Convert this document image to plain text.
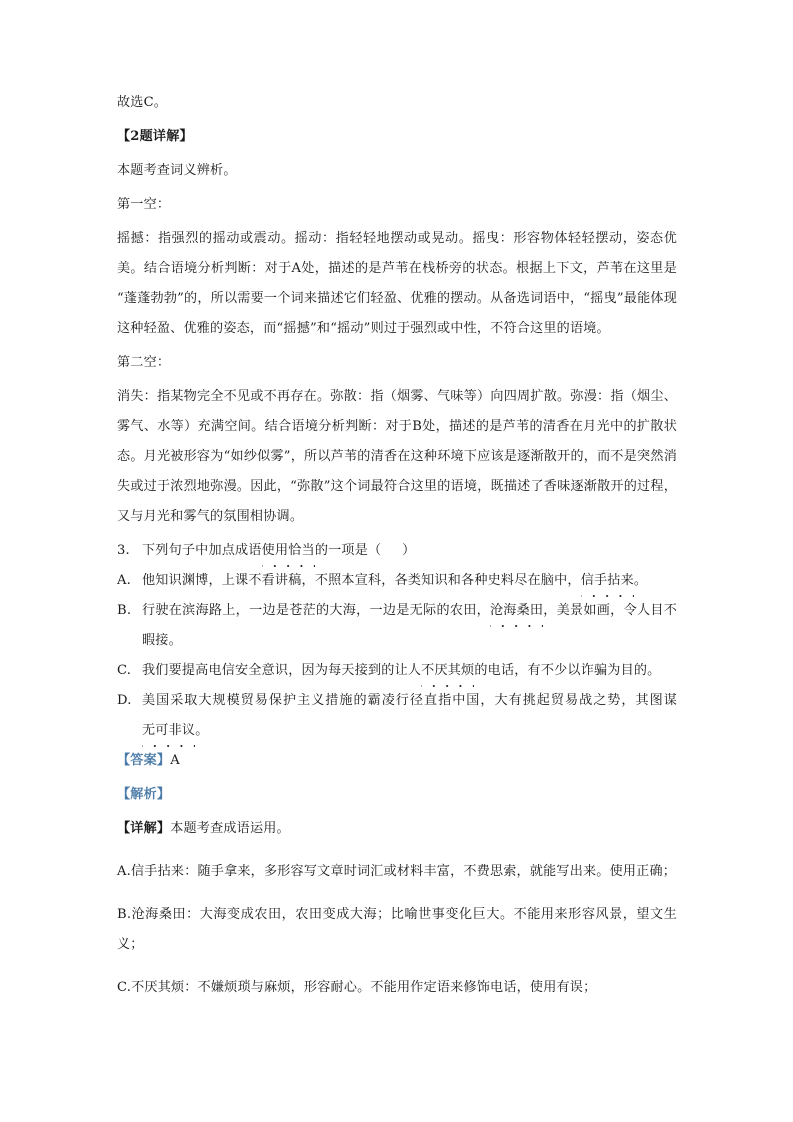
故选C。

【2题详解】

本题考查词义辨析。

第一空：

摇撼：指强烈的摇动或震动。摇动：指轻轻地摆动或晃动。摇曳：形容物体轻轻摆动，姿态优美。结合语境分析判断：对于A处，描述的是芦苇在栈桥旁的状态。根据上下文，芦苇在这里是“蓬蓬勃勃”的，所以需要一个词来描述它们轻盈、优雅的摆动。从备选词语中，“摇曳”最能体现这种轻盈、优雅的姿态，而“摇撼”和“摇动”则过于强烈或中性，不符合这里的语境。

第二空：

消失：指某物完全不见或不再存在。弥散：指（烟雾、气味等）向四周扩散。弥漫：指（烟尘、雾气、水等）充满空间。结合语境分析判断：对于B处，描述的是芦苇的清香在月光中的扩散状态。月光被形容为“如纱似雾”，所以芦苇的清香在这种环境下应该是逐渐散开的，而不是突然消失或过于浓烈地弥漫。因此，“弥散”这个词最符合这里的语境，既描述了香味逐渐散开的过程，又与月光和雾气的氛围相协调。

3. 下列句子中加点成语使用恰当的一项是（ ）
A. 他知识渊博，上课不看讲稿，不照本宣科，各类知识和各种史料尽在脑中，信手拈来。
B. 行驶在滨海路上，一边是苍茫的大海，一边是无际的农田，沧海桑田，美景如画，令人目不暇接。
C. 我们要提高电信安全意识，因为每天接到的让人不厌其烦的电话，有不少以诈骗为目的。
D. 美国采取大规模贸易保护主义措施的霸凌行径直指中国，大有挑起贸易战之势，其图谋无可非议。

【答案】A

【解析】

【详解】本题考查成语运用。

A.信手拈来：随手拿来，多形容写文章时词汇或材料丰富，不费思索，就能写出来。使用正确；

B.沧海桑田：大海变成农田，农田变成大海；比喻世事变化巨大。不能用来形容风景，望文生义；

C.不厌其烦：不嫌烦琐与麻烦，形容耐心。不能用作定语来修饰电话，使用有误；
